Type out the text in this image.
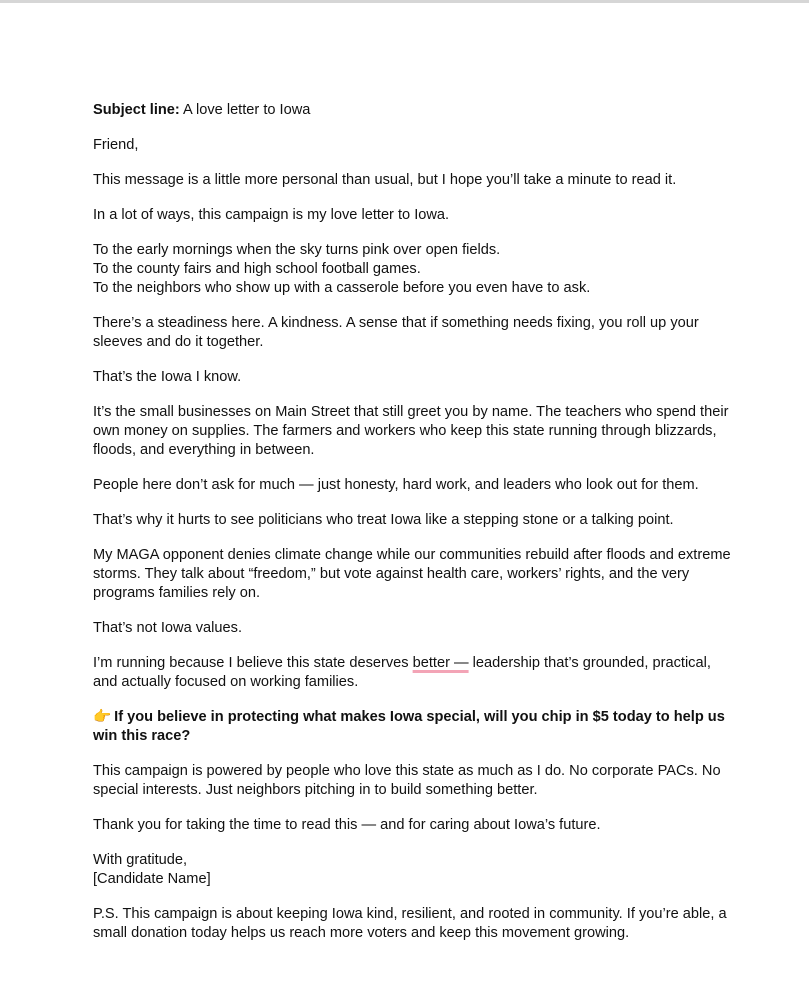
Subject line: A love letter to Iowa

Friend,

This message is a little more personal than usual, but I hope you’ll take a minute to read it.

In a lot of ways, this campaign is my love letter to Iowa.

To the early mornings when the sky turns pink over open fields.
To the county fairs and high school football games.
To the neighbors who show up with a casserole before you even have to ask.

There’s a steadiness here. A kindness. A sense that if something needs fixing, you roll up your sleeves and do it together.

That’s the Iowa I know.

It’s the small businesses on Main Street that still greet you by name. The teachers who spend their own money on supplies. The farmers and workers who keep this state running through blizzards, floods, and everything in between.

People here don’t ask for much — just honesty, hard work, and leaders who look out for them.

That’s why it hurts to see politicians who treat Iowa like a stepping stone or a talking point.

My MAGA opponent denies climate change while our communities rebuild after floods and extreme storms. They talk about “freedom,” but vote against health care, workers’ rights, and the very programs families rely on.

That’s not Iowa values.

I’m running because I believe this state deserves better — leadership that’s grounded, practical, and actually focused on working families.

👉 If you believe in protecting what makes Iowa special, will you chip in $5 today to help us win this race?

This campaign is powered by people who love this state as much as I do. No corporate PACs. No special interests. Just neighbors pitching in to build something better.

Thank you for taking the time to read this — and for caring about Iowa’s future.

With gratitude,
[Candidate Name]

P.S. This campaign is about keeping Iowa kind, resilient, and rooted in community. If you’re able, a small donation today helps us reach more voters and keep this movement growing.
